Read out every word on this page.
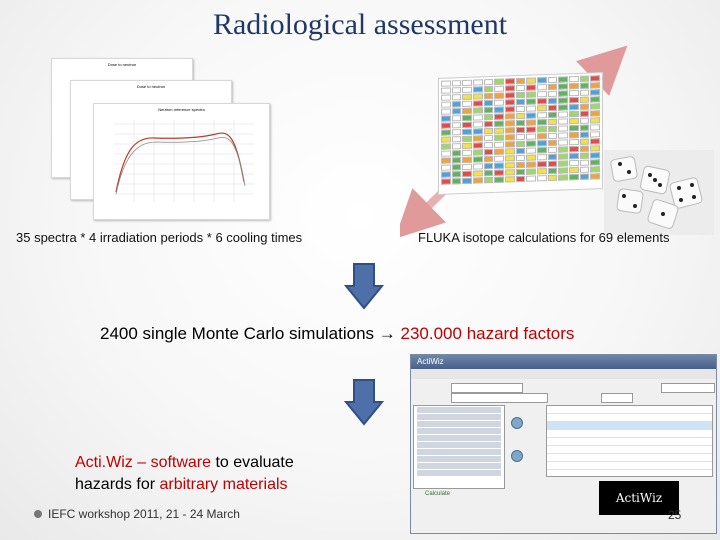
Radiological assessment
Dose to neutron
Dose to neutron
Neutron reference spectra
35 spectra * 4 irradiation periods * 6 cooling times	FLUKA isotope calculations for 69 elements
2400 single Monte Carlo simulations → 230.000 hazard factors
Acti.Wiz – software to evaluate hazards for arbitrary materials
ActiWiz
Calculate	ActiWiz
IEFC workshop 2011, 21 - 24 March	25
